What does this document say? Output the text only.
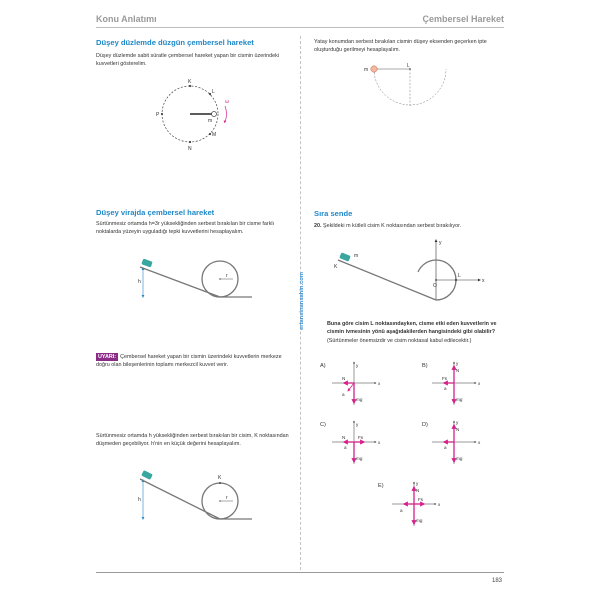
Konu Anlatımı	Çembersel Hareket
Düşey düzlemde düzgün çembersel hareket
Düşey düzlemde sabit süratle çembersel hareket yapan bir cismin üzerindeki kuvvetleri gösterelim.
K
L
P
m
M
N
ω
Düşey virajda çembersel hareket
Sürtünmesiz ortamda h=3r yüksekliğinden serbest bırakılan bir cisme farklı noktalarda yüzeyin uyguladığı tepki kuvvetlerini hesaplayalım.
h
r
UYARI: Çembersel hareket yapan bir cismin üzerindeki kuvvetlerin merkeze doğru olan bileşenlerinin toplamı merkezcil kuvvet verir.
Sürtünmesiz ortamda h yüksekliğinden serbest bırakılan bir cisim, K noktasından düşmeden geçebiliyor. h'nin en küçük değerini hesaplayalım.
h
K
r
ertansinansahin.com
Yatay konumdan serbest bırakılan cismin düşey eksenden geçerken ipte oluşturduğu gerilmeyi hesaplayalım.
m
L
Sıra sende
20. Şekildeki m kütleli cisim K noktasından serbest bırakılıyor.
y
m
K
L
O
x
Buna göre cisim L noktasındayken, cisme etki eden kuvvetlerin ve cismin ivmesinin yönü aşağıdakilerden hangisindeki gibi olabilir? (Sürtünmeler önemsizdir ve cisim noktasal kabul edilecektir.)
A)	y
x
N
a
mg
B)	y
x
N
Fs
a
mg
C)	y
x
N	Fs
a
mg
D)	y
x
N
a
mg
E)	y
x
N
Fs
a
mg
183
